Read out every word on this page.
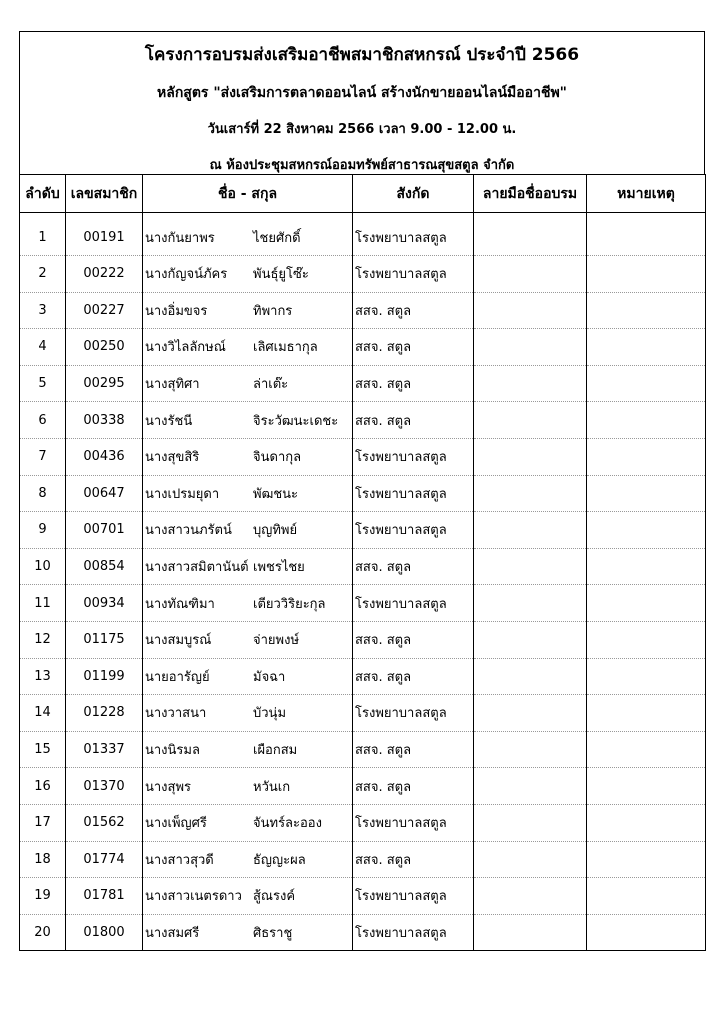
โครงการอบรมส่งเสริมอาชีพสมาชิกสหกรณ์ ประจำปี 2566
หลักสูตร "ส่งเสริมการตลาดออนไลน์ สร้างนักขายออนไลน์มืออาชีพ"
วันเสาร์ที่ 22 สิงหาคม 2566 เวลา 9.00 - 12.00 น.
ณ ห้องประชุมสหกรณ์ออมทรัพย์สาธารณสุขสตูล จำกัด
ลำดับ	เลขสมาชิก	ชื่อ - สกุล	สังกัด	ลายมือชื่ออบรม	หมายเหตุ
1	00191	นางกันยาพร ไชยศักดิ์	โรงพยาบาลสตูล		
2	00222	นางกัญจน์ภัคร พันธุ์ยูโซ๊ะ	โรงพยาบาลสตูล		
3	00227	นางอิ่มขจร ทิพากร	สสจ. สตูล		
4	00250	นางวิไลลักษณ์ เลิศเมธากุล	สสจ. สตูล		
5	00295	นางสุทิศา ล่าเต๊ะ	สสจ. สตูล		
6	00338	นางรัชนี จิระวัฒนะเดชะ	สสจ. สตูล		
7	00436	นางสุขสิริ จินดากุล	โรงพยาบาลสตูล		
8	00647	นางเปรมยุดา พัฒชนะ	โรงพยาบาลสตูล		
9	00701	นางสาวนภรัตน์ บุญทิพย์	โรงพยาบาลสตูล		
10	00854	นางสาวสมิตานันต์ เพชรไชย	สสจ. สตูล		
11	00934	นางทัณฑิมา เตียววิริยะกุล	โรงพยาบาลสตูล		
12	01175	นางสมบูรณ์ จ่ายพงษ์	สสจ. สตูล		
13	01199	นายอารัญย์ มัจฉา	สสจ. สตูล		
14	01228	นางวาสนา บัวนุ่ม	โรงพยาบาลสตูล		
15	01337	นางนิรมล เผือกสม	สสจ. สตูล		
16	01370	นางสุพร หวันเก	สสจ. สตูล		
17	01562	นางเพ็ญศรี จันทร์ละออง	โรงพยาบาลสตูล		
18	01774	นางสาวสุวดี ธัญญะผล	สสจ. สตูล		
19	01781	นางสาวเนตรดาว สู้ณรงค์	โรงพยาบาลสตูล		
20	01800	นางสมศรี ศิธราชู	โรงพยาบาลสตูล		
